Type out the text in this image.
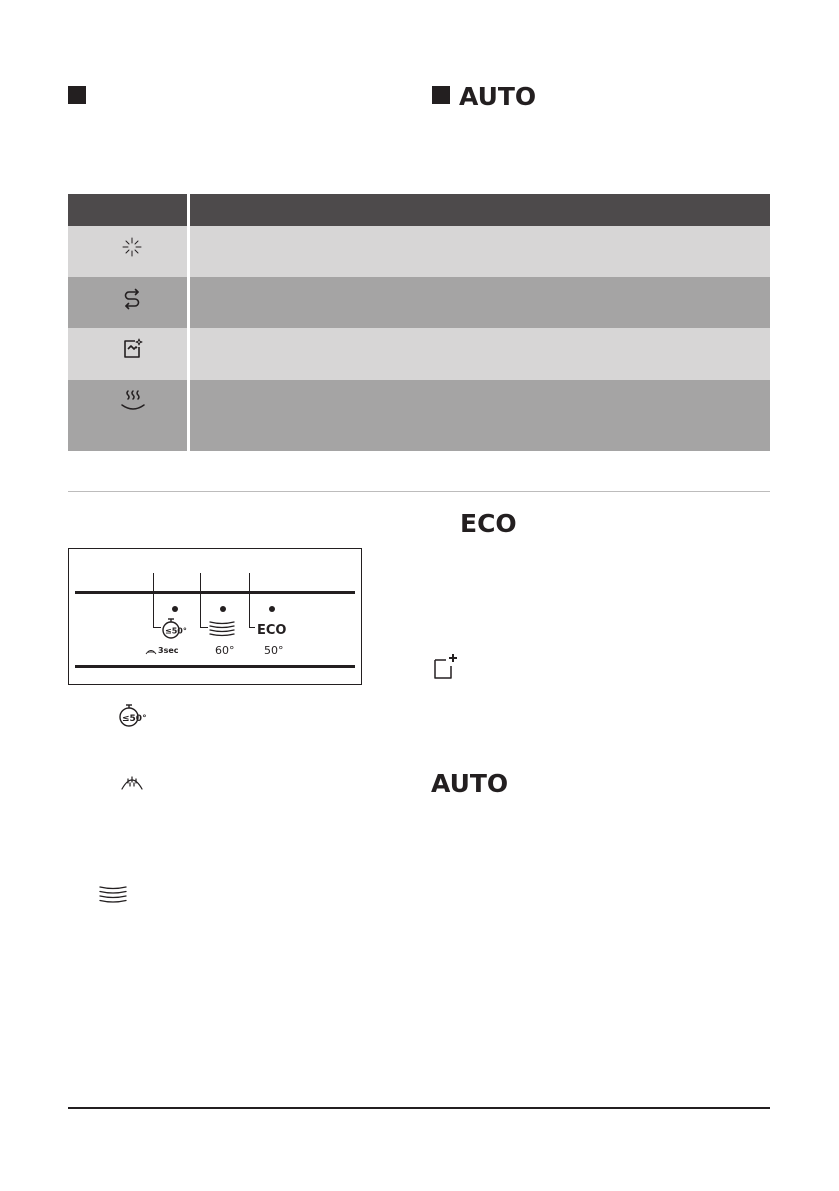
AUTO
≤50°
3sec	60°
ECO
50°
≤50°
ECO
AUTO
